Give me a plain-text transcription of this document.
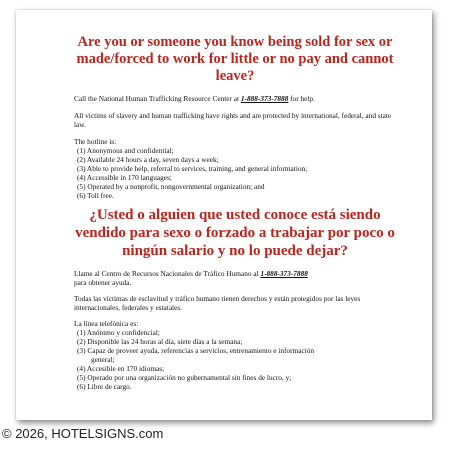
Are you or someone you know being sold for sex or made/forced to work for little or no pay and cannot leave?

Call the National Human Trafficking Resource Center at 1-888-373-7888 for help.

All victims of slavery and human trafficking have rights and are protected by international, federal, and state law.

The hotline is:

(1) Anonymous and confidential;
(2) Available 24 hours a day, seven days a week;
(3) Able to provide help, referral to services, training, and general information;
(4) Accessible in 170 languages;
(5) Operated by a nonprofit, nongovernmental organization; and
(6) Toll free.
¿Usted o alguien que usted conoce está siendo vendido para sexo o forzado a trabajar por poco o ningún salario y no lo puede dejar?

Llame al Centro de Recursos Nacionales de Tráfico Humano al 1-888-373-7888
para obtener ayuda.

Todas las víctimas de esclavitud y tráfico humano tienen derechos y están protegidos por las leyes internacionales, federales y estatales.

La línea telefónica es:

(1) Anónimo y confidencial;
(2) Disponible las 24 horas al día, siete días a la semana;
(3) Capaz de proveer ayuda, referencias a servicios, entrenamiento e información
general;
(4) Accesible en 170 idiomas;
(5) Operado por una organización no gubernamental sin fines de lucro, y;
(6) Libre de cargo.
© 2026, HOTELSIGNS.com
